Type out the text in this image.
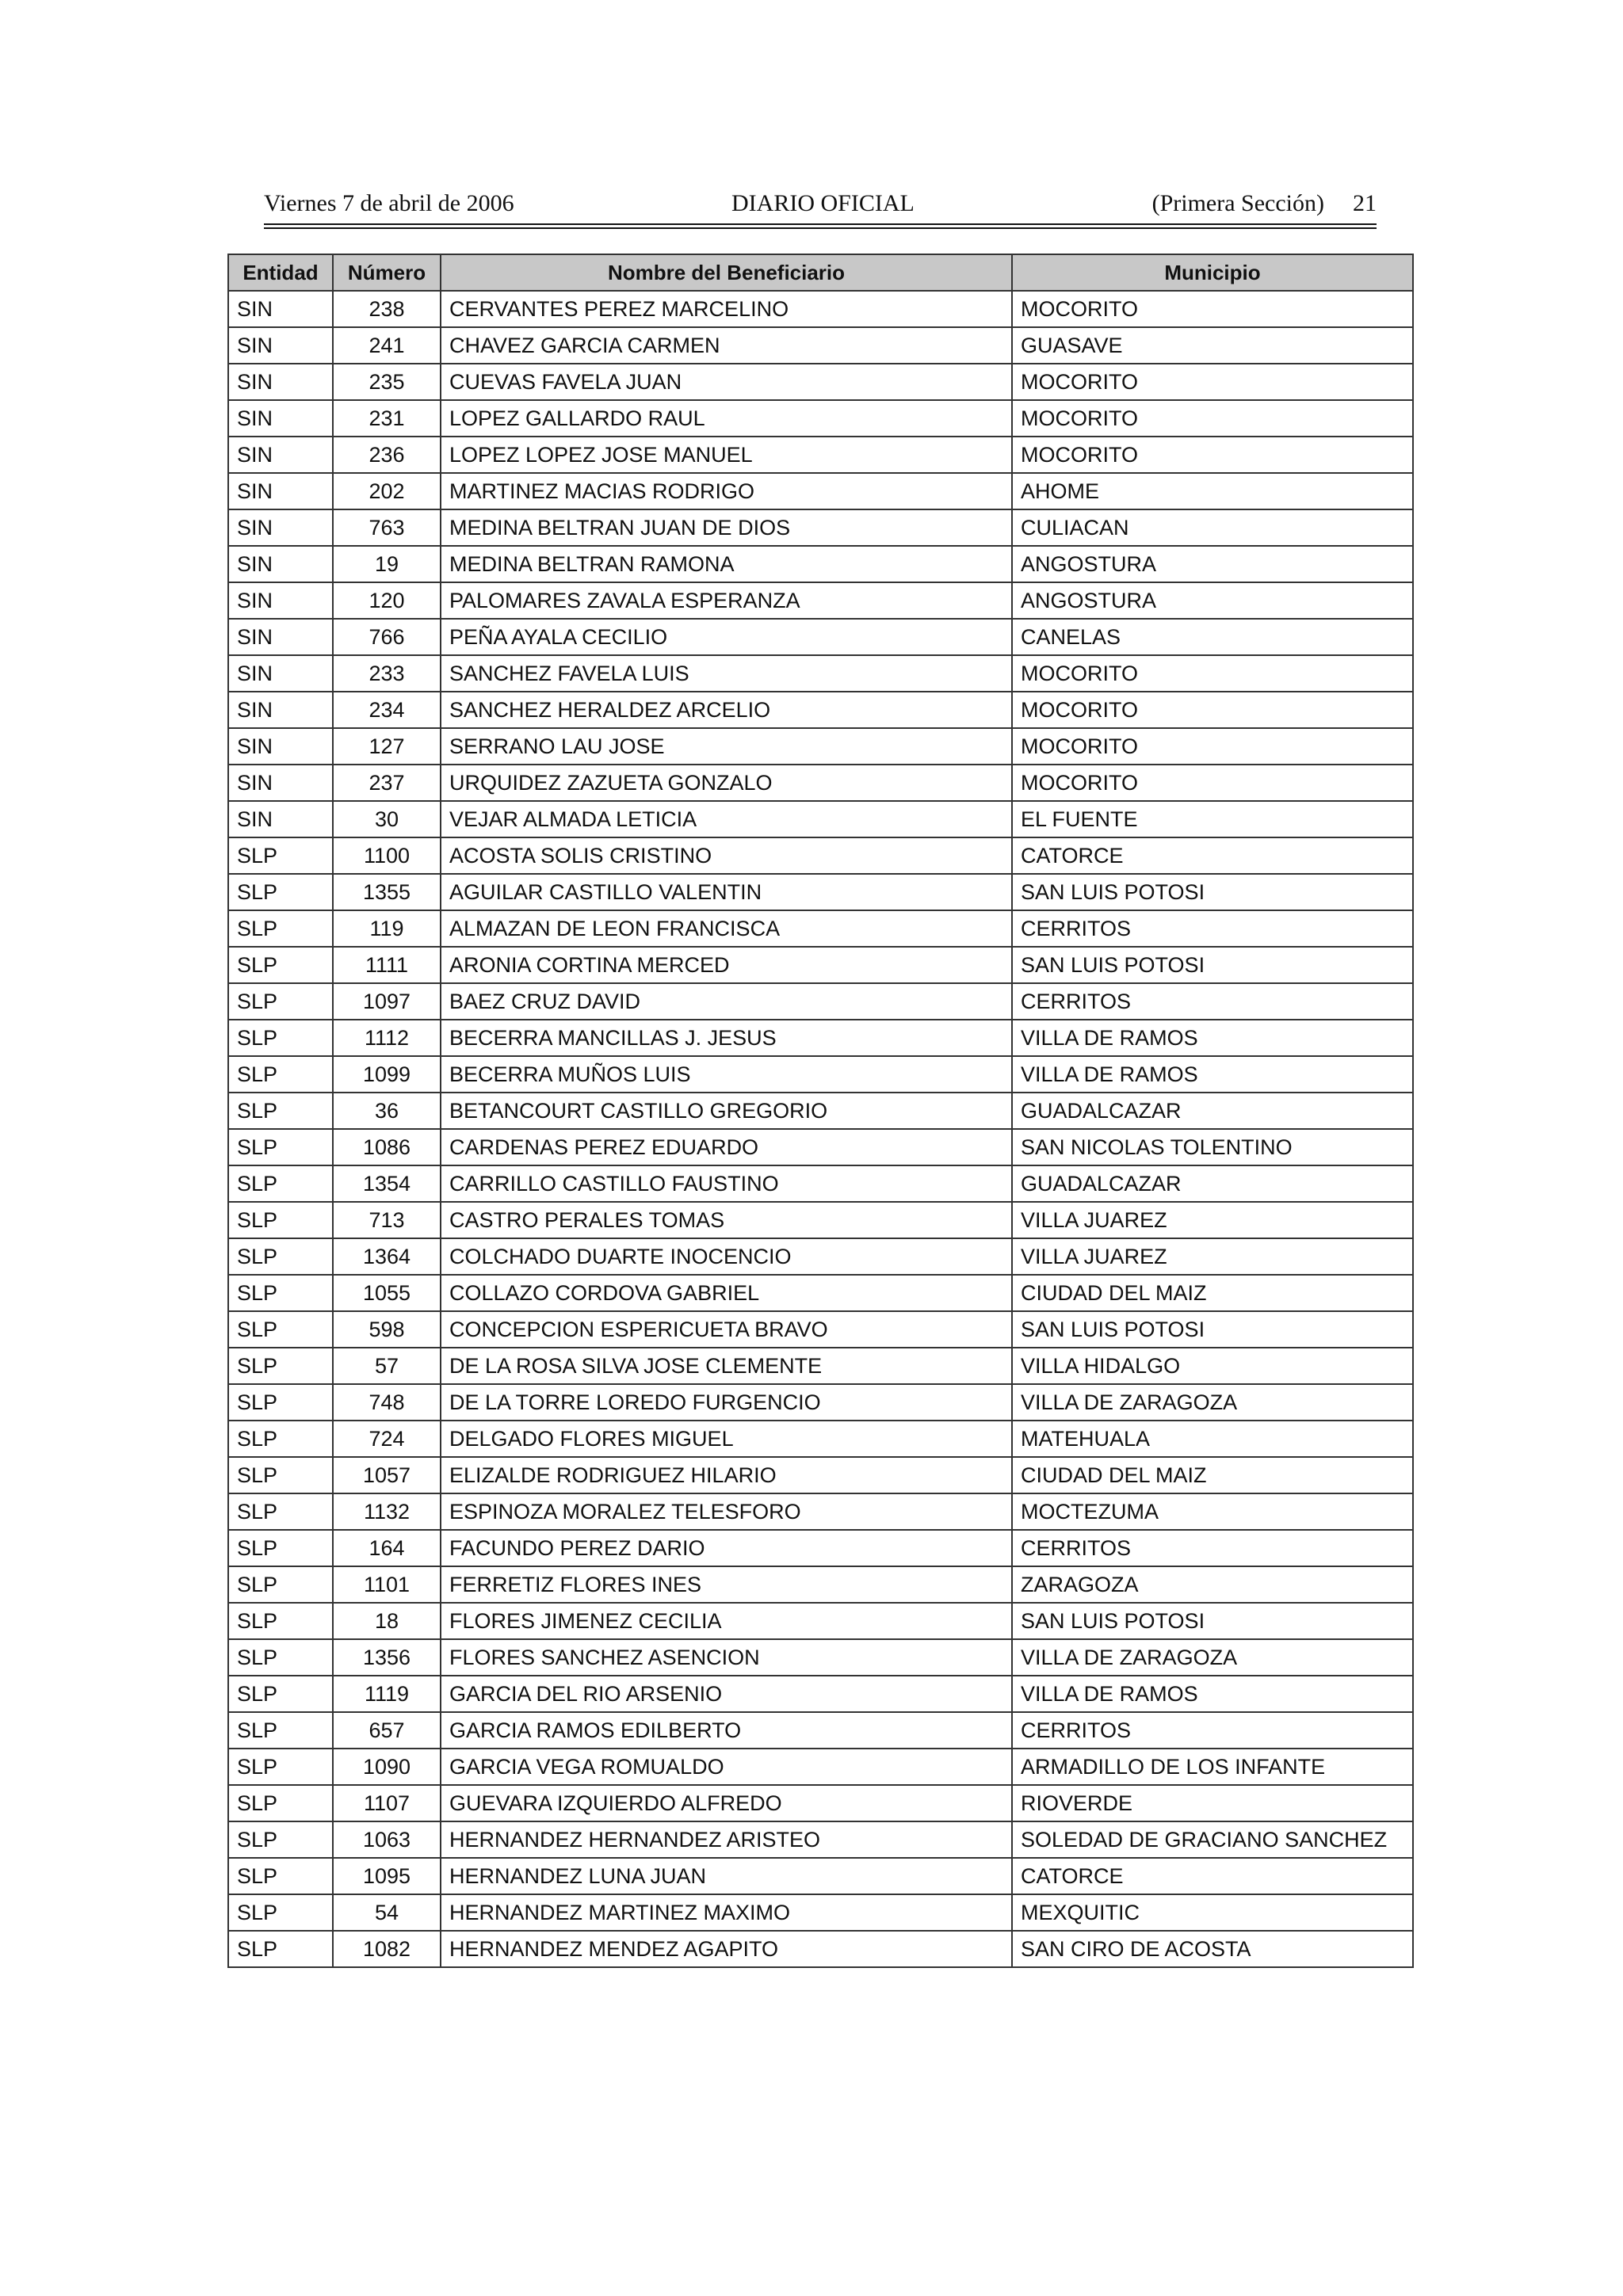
Viernes 7 de abril de 2006	DIARIO OFICIAL	(Primera Sección) 21
Entidad	Número	Nombre del Beneficiario	Municipio
SIN	238	CERVANTES PEREZ MARCELINO	MOCORITO
SIN	241	CHAVEZ GARCIA CARMEN	GUASAVE
SIN	235	CUEVAS FAVELA JUAN	MOCORITO
SIN	231	LOPEZ GALLARDO RAUL	MOCORITO
SIN	236	LOPEZ LOPEZ JOSE MANUEL	MOCORITO
SIN	202	MARTINEZ MACIAS RODRIGO	AHOME
SIN	763	MEDINA BELTRAN JUAN DE DIOS	CULIACAN
SIN	19	MEDINA BELTRAN RAMONA	ANGOSTURA
SIN	120	PALOMARES ZAVALA ESPERANZA	ANGOSTURA
SIN	766	PEÑA AYALA CECILIO	CANELAS
SIN	233	SANCHEZ FAVELA LUIS	MOCORITO
SIN	234	SANCHEZ HERALDEZ ARCELIO	MOCORITO
SIN	127	SERRANO LAU JOSE	MOCORITO
SIN	237	URQUIDEZ ZAZUETA GONZALO	MOCORITO
SIN	30	VEJAR ALMADA LETICIA	EL FUENTE
SLP	1100	ACOSTA SOLIS CRISTINO	CATORCE
SLP	1355	AGUILAR CASTILLO VALENTIN	SAN LUIS POTOSI
SLP	119	ALMAZAN DE LEON FRANCISCA	CERRITOS
SLP	1111	ARONIA CORTINA MERCED	SAN LUIS POTOSI
SLP	1097	BAEZ CRUZ DAVID	CERRITOS
SLP	1112	BECERRA MANCILLAS J. JESUS	VILLA DE RAMOS
SLP	1099	BECERRA MUÑOS LUIS	VILLA DE RAMOS
SLP	36	BETANCOURT CASTILLO GREGORIO	GUADALCAZAR
SLP	1086	CARDENAS PEREZ EDUARDO	SAN NICOLAS TOLENTINO
SLP	1354	CARRILLO CASTILLO FAUSTINO	GUADALCAZAR
SLP	713	CASTRO PERALES TOMAS	VILLA JUAREZ
SLP	1364	COLCHADO DUARTE INOCENCIO	VILLA JUAREZ
SLP	1055	COLLAZO CORDOVA GABRIEL	CIUDAD DEL MAIZ
SLP	598	CONCEPCION ESPERICUETA BRAVO	SAN LUIS POTOSI
SLP	57	DE LA ROSA SILVA JOSE CLEMENTE	VILLA HIDALGO
SLP	748	DE LA TORRE LOREDO FURGENCIO	VILLA DE ZARAGOZA
SLP	724	DELGADO FLORES MIGUEL	MATEHUALA
SLP	1057	ELIZALDE RODRIGUEZ HILARIO	CIUDAD DEL MAIZ
SLP	1132	ESPINOZA MORALEZ TELESFORO	MOCTEZUMA
SLP	164	FACUNDO PEREZ DARIO	CERRITOS
SLP	1101	FERRETIZ FLORES INES	ZARAGOZA
SLP	18	FLORES JIMENEZ CECILIA	SAN LUIS POTOSI
SLP	1356	FLORES SANCHEZ ASENCION	VILLA DE ZARAGOZA
SLP	1119	GARCIA DEL RIO ARSENIO	VILLA DE RAMOS
SLP	657	GARCIA RAMOS EDILBERTO	CERRITOS
SLP	1090	GARCIA VEGA ROMUALDO	ARMADILLO DE LOS INFANTE
SLP	1107	GUEVARA IZQUIERDO ALFREDO	RIOVERDE
SLP	1063	HERNANDEZ HERNANDEZ ARISTEO	SOLEDAD DE GRACIANO SANCHEZ
SLP	1095	HERNANDEZ LUNA JUAN	CATORCE
SLP	54	HERNANDEZ MARTINEZ MAXIMO	MEXQUITIC
SLP	1082	HERNANDEZ MENDEZ AGAPITO	SAN CIRO DE ACOSTA
